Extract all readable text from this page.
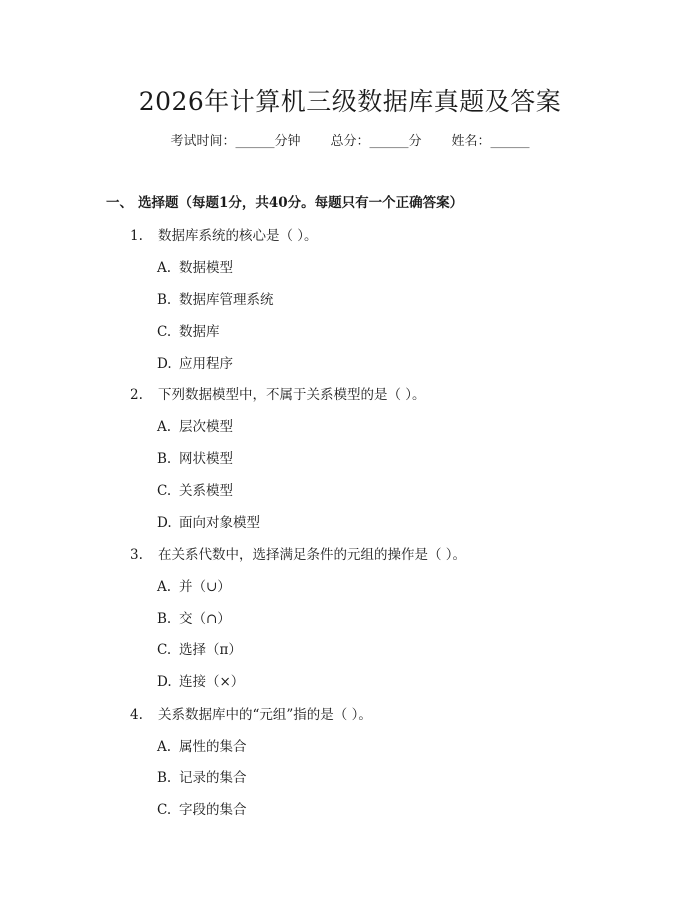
2026年计算机三级数据库真题及答案
考试时间：______分钟 总分：______分 姓名：______
一、 选择题（每题1分，共40分。每题只有一个正确答案）
1. 数据库系统的核心是（ ）。
A. 数据模型
B. 数据库管理系统
C. 数据库
D. 应用程序
2. 下列数据模型中，不属于关系模型的是（ ）。
A. 层次模型
B. 网状模型
C. 关系模型
D. 面向对象模型
3. 在关系代数中，选择满足条件的元组的操作是（ ）。
A. 并（∪）
B. 交（∩）
C. 选择（π）
D. 连接（×）
4. 关系数据库中的“元组”指的是（ ）。
A. 属性的集合
B. 记录的集合
C. 字段的集合
